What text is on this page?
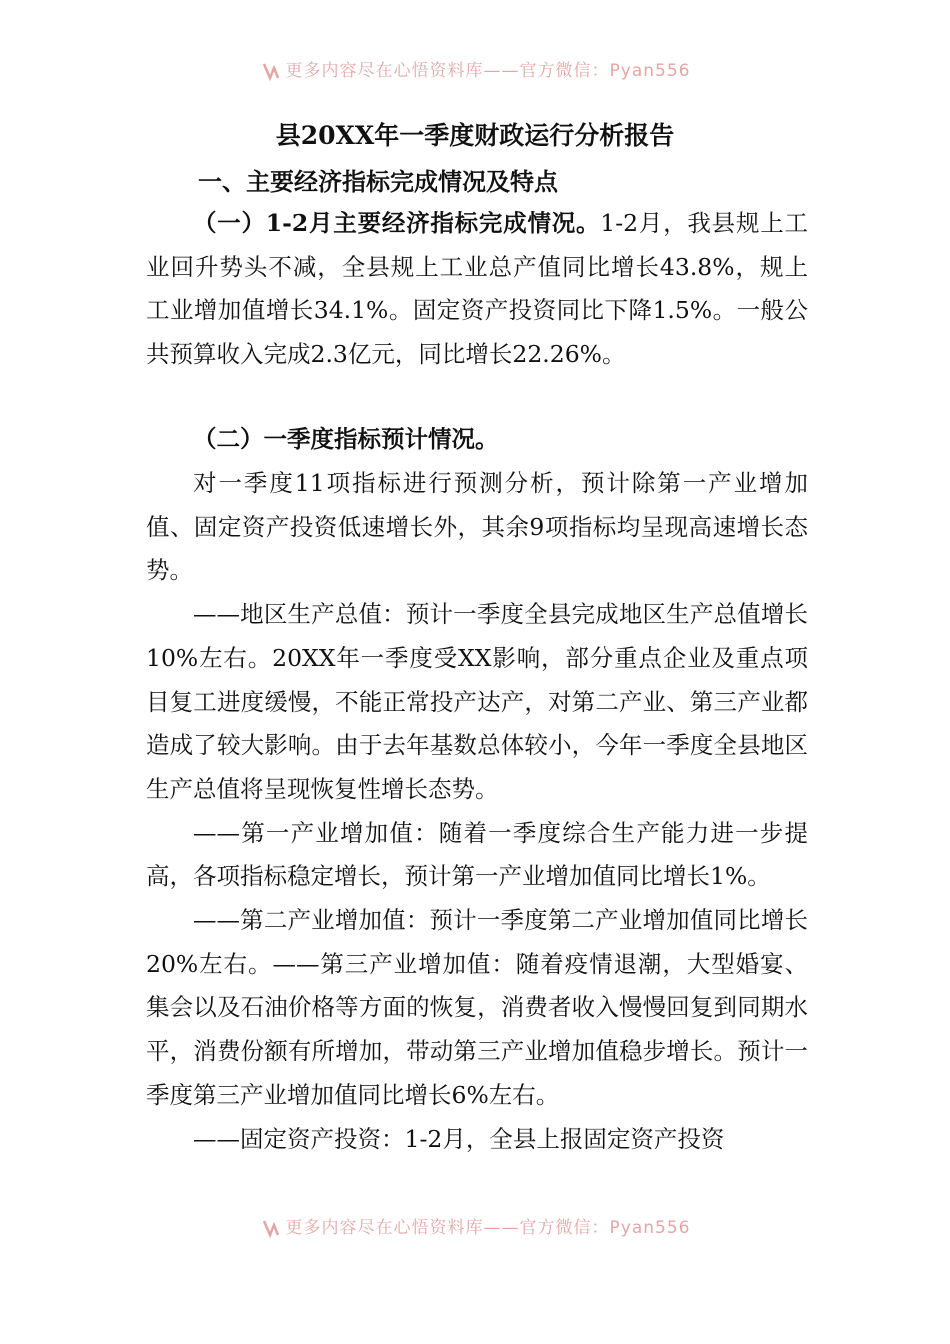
更多内容尽在心悟资料库——官方微信：Pyan556
县20XX年一季度财政运行分析报告
一、主要经济指标完成情况及特点

（一）1-2月主要经济指标完成情况。1-2月，我县规上工业回升势头不减，全县规上工业总产值同比增长43.8%，规上工业增加值增长34.1%。固定资产投资同比下降1.5%。一般公共预算收入完成2.3亿元，同比增长22.26%。

（二）一季度指标预计情况。

对一季度11项指标进行预测分析，预计除第一产业增加值、固定资产投资低速增长外，其余9项指标均呈现高速增长态势。

——地区生产总值：预计一季度全县完成地区生产总值增长10%左右。20XX年一季度受XX影响，部分重点企业及重点项目复工进度缓慢，不能正常投产达产，对第二产业、第三产业都造成了较大影响。由于去年基数总体较小，今年一季度全县地区生产总值将呈现恢复性增长态势。

——第一产业增加值：随着一季度综合生产能力进一步提高，各项指标稳定增长，预计第一产业增加值同比增长1%。

——第二产业增加值：预计一季度第二产业增加值同比增长20%左右。——第三产业增加值：随着疫情退潮，大型婚宴、集会以及石油价格等方面的恢复，消费者收入慢慢回复到同期水平，消费份额有所增加，带动第三产业增加值稳步增长。预计一季度第三产业增加值同比增长6%左右。

——固定资产投资：1-2月，全县上报固定资产投资

更多内容尽在心悟资料库——官方微信：Pyan556
